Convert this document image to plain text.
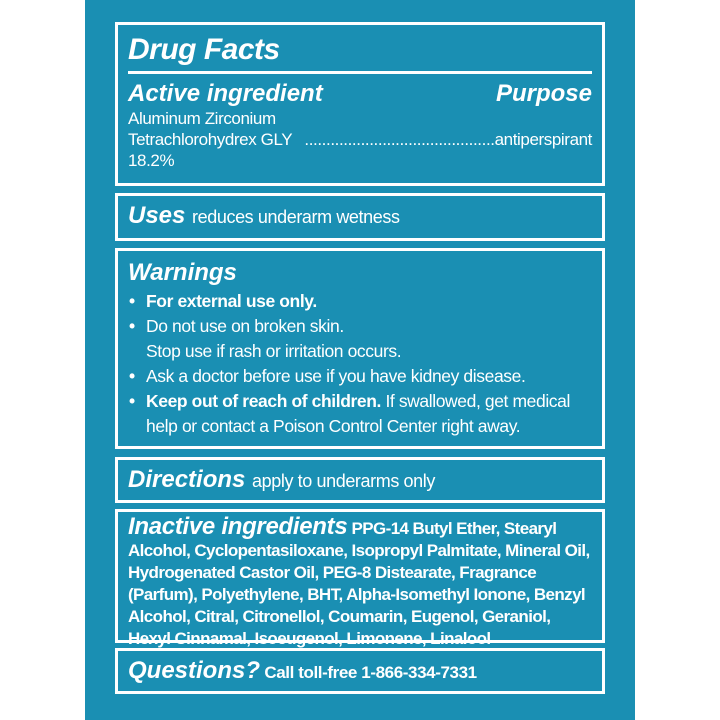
Drug Facts
Active ingredient	Purpose
Aluminum Zirconium
Tetrachlorohydrex GLY 18.2%
............................................ antiperspirant
Uses reduces underarm wetness
Warnings
• For external use only.
• Do not use on broken skin.
Stop use if rash or irritation occurs.
• Ask a doctor before use if you have kidney disease.
• Keep out of reach of children. If swallowed, get medical help or contact a Poison Control Center right away.
Directions apply to underarms only
Inactive ingredients PPG-14 Butyl Ether, Stearyl Alcohol, Cyclopentasiloxane, Isopropyl Palmitate, Mineral Oil, Hydrogenated Castor Oil, PEG-8 Distearate, Fragrance (Parfum), Polyethylene, BHT, Alpha-Isomethyl Ionone, Benzyl Alcohol, Citral, Citronellol, Coumarin, Eugenol, Geraniol, Hexyl Cinnamal, Isoeugenol, Limonene, Linalool
Questions? Call toll-free 1-866-334-7331
